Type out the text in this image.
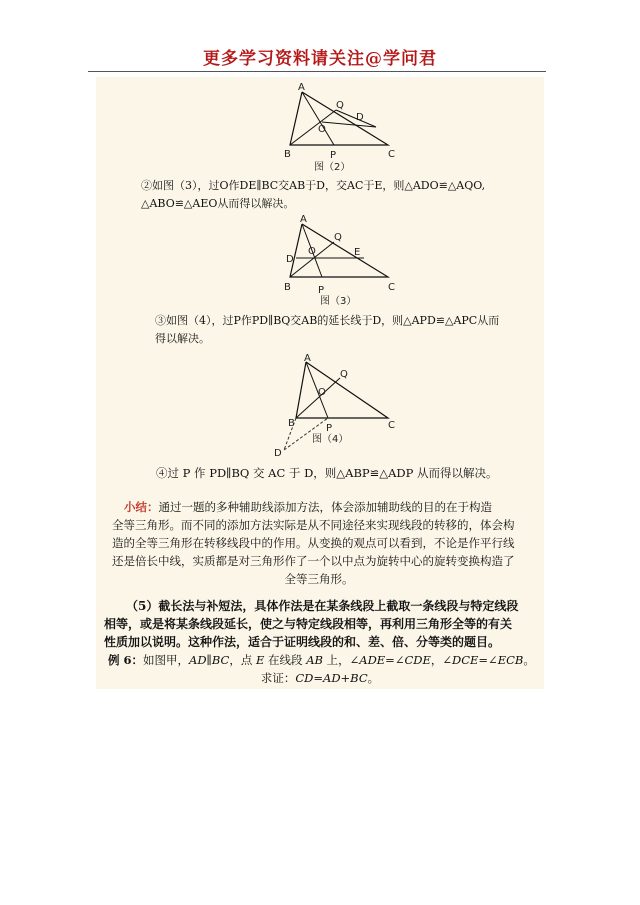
更多学习资料请关注@学问君
A
B	C
P
Q
O
D
图（2）
②如图（3），过O作DE∥BC交AB于D，交AC于E，则△ADO≌△AQO,
△ABO≌△AEO从而得以解决。
A
B	C
P
Q
O
D
E
图（3）
③如图（4），过P作PD∥BQ交AB的延长线于D，则△APD≌△APC从而
得以解决。
A
B	C
P
Q
O
D
图（4）
④过 P 作 PD∥BQ 交 AC 于 D，则△ABP≌△ADP 从而得以解决。
小结：通过一题的多种辅助线添加方法，体会添加辅助线的目的在于构造
全等三角形。而不同的添加方法实际是从不同途径来实现线段的转移的，体会构
造的全等三角形在转移线段中的作用。从变换的观点可以看到，不论是作平行线
还是倍长中线，实质都是对三角形作了一个以中点为旋转中心的旋转变换构造了
全等三角形。
（5）截长法与补短法，具体作法是在某条线段上截取一条线段与特定线段
相等，或是将某条线段延长，使之与特定线段相等，再利用三角形全等的有关
性质加以说明。这种作法，适合于证明线段的和、差、倍、分等类的题目。
例 6：如图甲，AD∥BC，点 E 在线段 AB 上，∠ADE=∠CDE，∠DCE=∠ECB。
求证：CD=AD+BC。
